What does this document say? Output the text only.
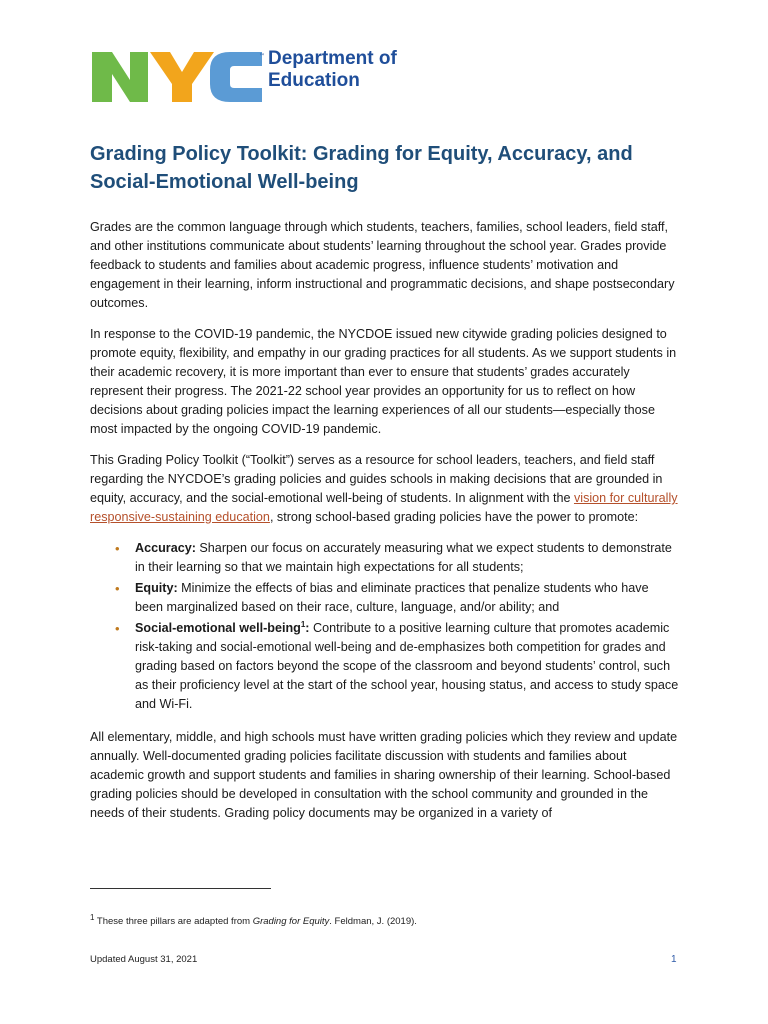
™ Department of
Education
Grading Policy Toolkit: Grading for Equity, Accuracy, and
Social-Emotional Well-being

Grades are the common language through which students, teachers, families, school leaders, field staff, and other institutions communicate about students’ learning throughout the school year. Grades provide feedback to students and families about academic progress, influence students’ motivation and engagement in their learning, inform instructional and programmatic decisions, and shape postsecondary outcomes.

In response to the COVID-19 pandemic, the NYCDOE issued new citywide grading policies designed to promote equity, flexibility, and empathy in our grading practices for all students. As we support students in their academic recovery, it is more important than ever to ensure that students’ grades accurately represent their progress. The 2021-22 school year provides an opportunity for us to reflect on how decisions about grading policies impact the learning experiences of all our students—especially those most impacted by the ongoing COVID-19 pandemic.

This Grading Policy Toolkit (“Toolkit”) serves as a resource for school leaders, teachers, and field staff regarding the NYCDOE’s grading policies and guides schools in making decisions that are grounded in equity, accuracy, and the social-emotional well-being of students. In alignment with the vision for culturally responsive-sustaining education, strong school-based grading policies have the power to promote:

• Accuracy: Sharpen our focus on accurately measuring what we expect students to demonstrate in their learning so that we maintain high expectations for all students;
• Equity: Minimize the effects of bias and eliminate practices that penalize students who have been marginalized based on their race, culture, language, and/or ability; and
• Social-emotional well-being$^1$: Contribute to a positive learning culture that promotes academic risk-taking and social-emotional well-being and de-emphasizes both competition for grades and grading based on factors beyond the scope of the classroom and beyond students’ control, such as their proficiency level at the start of the school year, housing status, and access to study space and Wi-Fi.

All elementary, middle, and high schools must have written grading policies which they review and update annually. Well-documented grading policies facilitate discussion with students and families about academic growth and support students and families in sharing ownership of their learning. School-based grading policies should be developed in consultation with the school community and grounded in the needs of their students. Grading policy documents may be organized in a variety of

$^1$ These three pillars are adapted from Grading for Equity. Feldman, J. (2019).
Updated August 31, 2021	1
